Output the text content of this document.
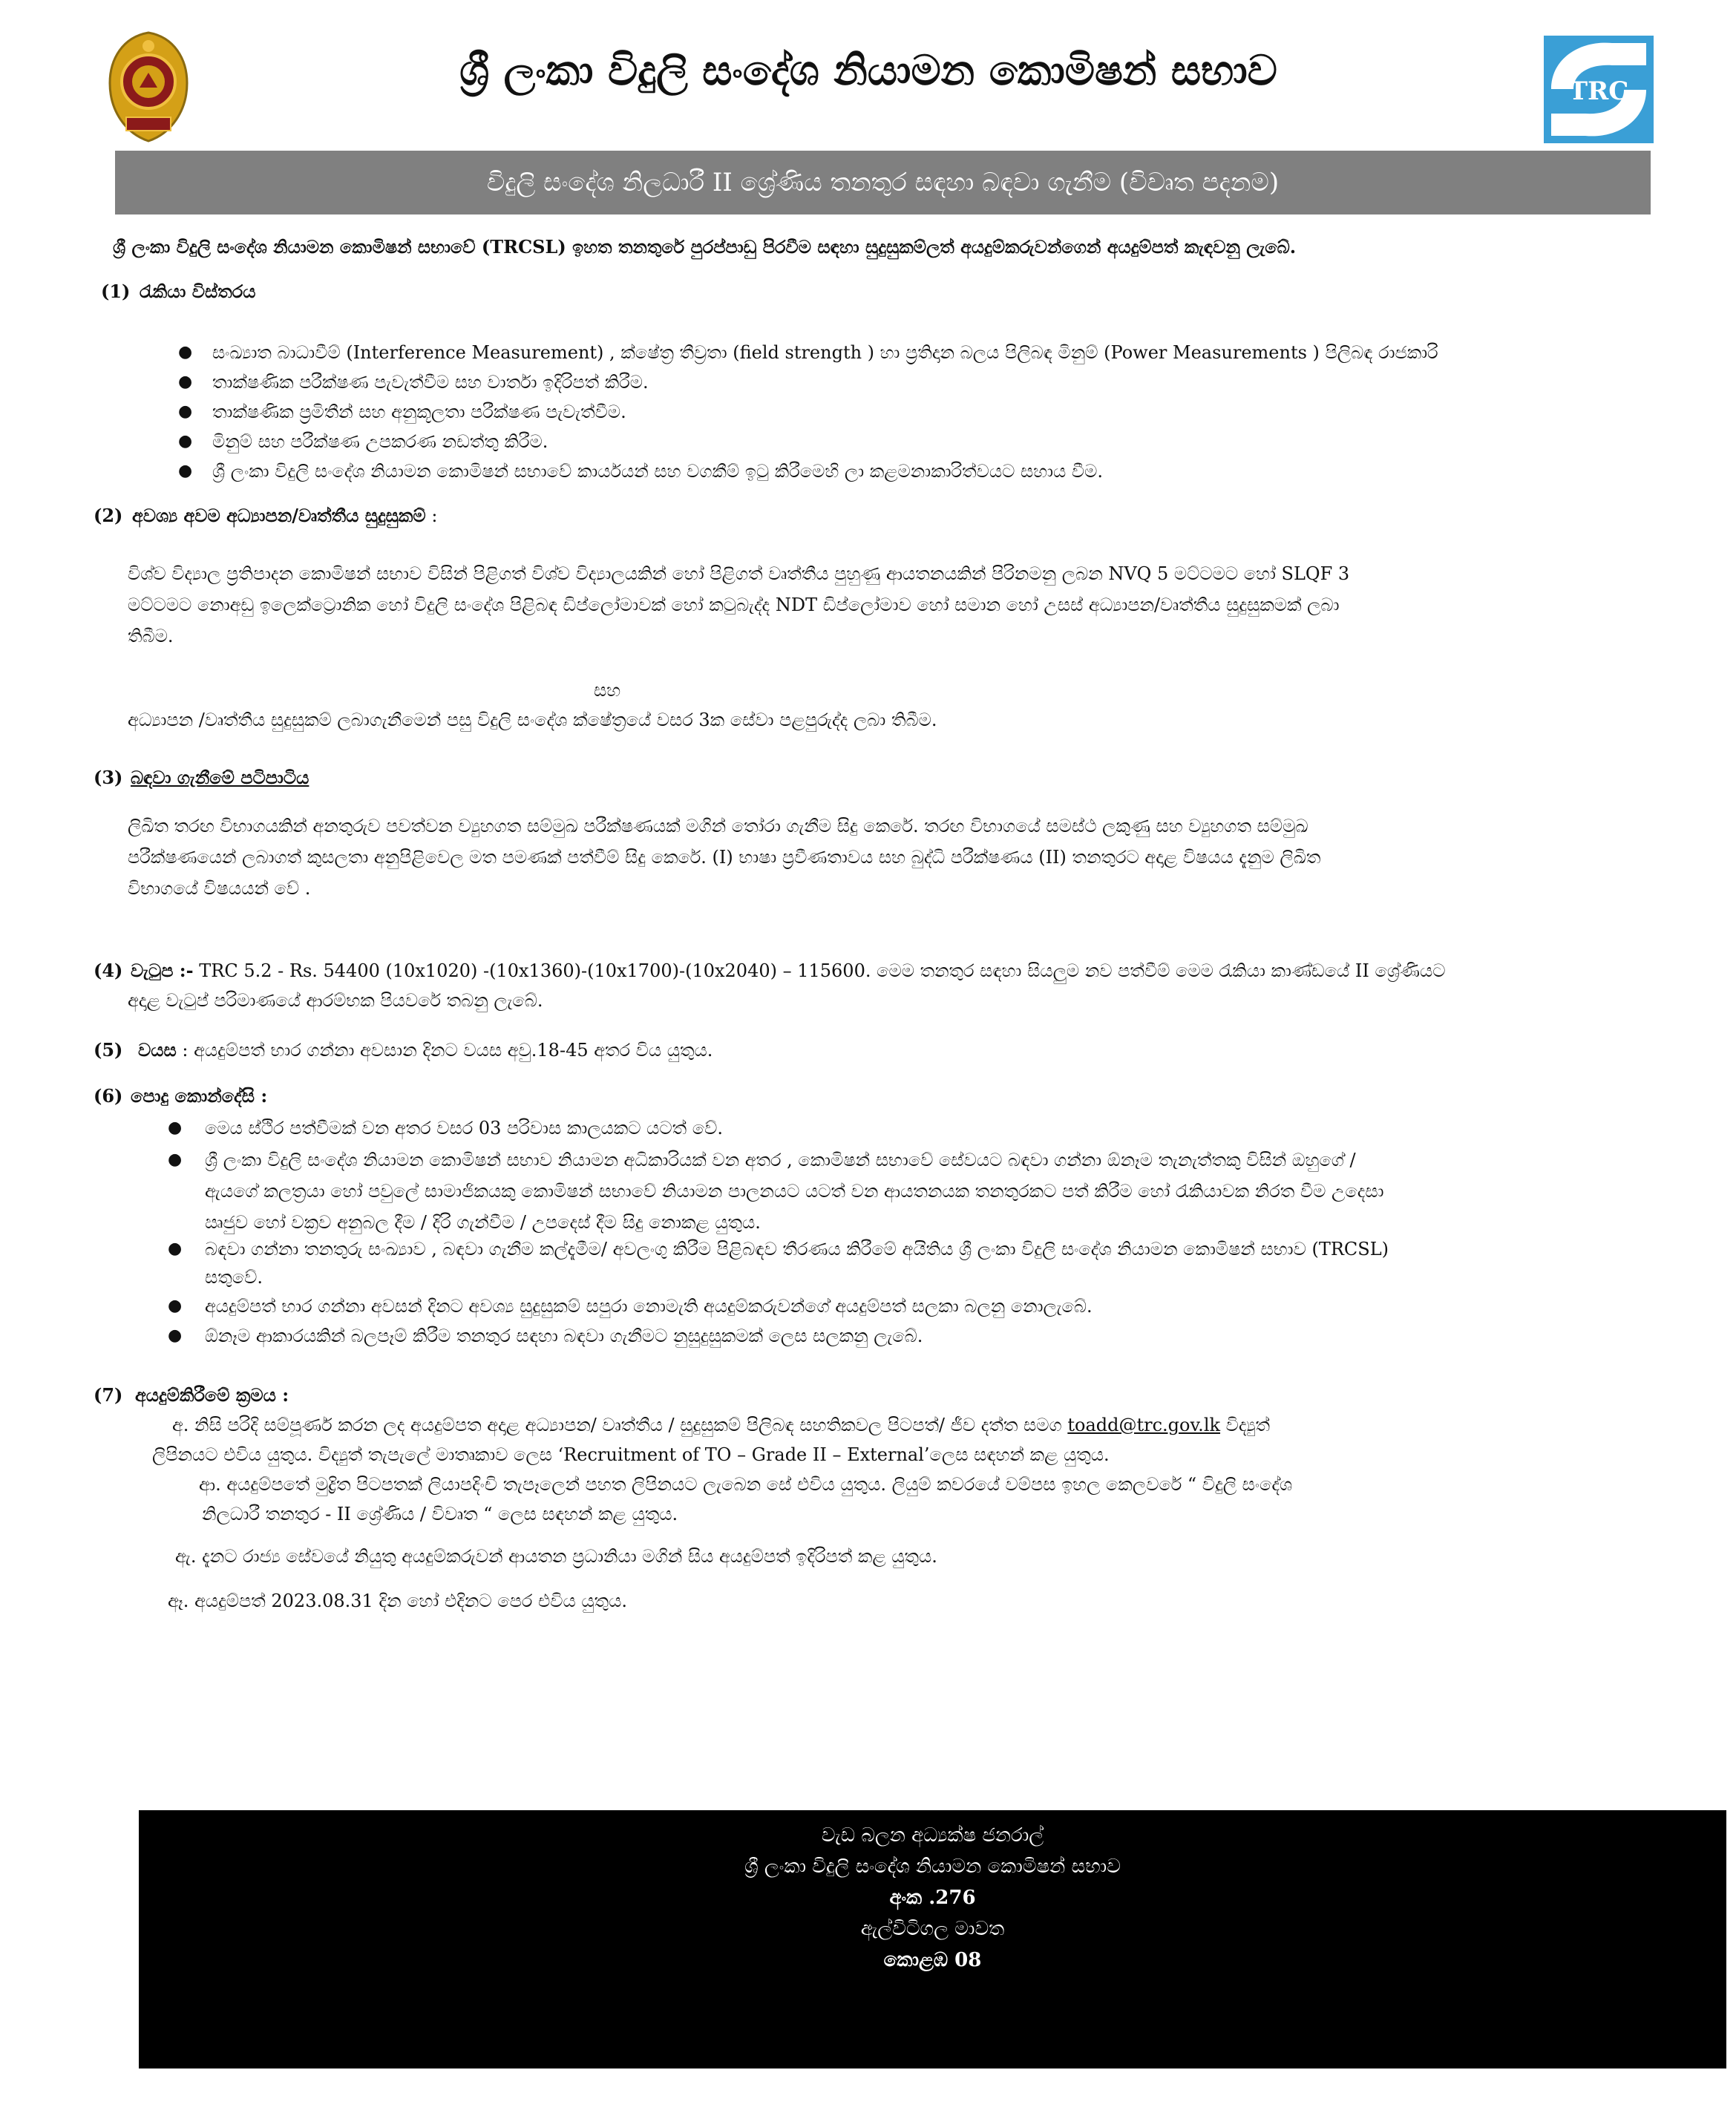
ශ්‍රී ලංකා විදුලි සංදේශ නියාමන කොමිෂන් සභාව	TRC
විදුලි සංදේශ නිලධාරී II ශ්‍රේණිය තනතුර සඳහා බඳවා ගැනීම (විවෘත පදනම)
ශ්‍රී ලංකා විදුලි සංදේශ නියාමන කොමිෂන් සභාවේ (TRCSL) ඉහත තනතුරේ පුරප්පාඩු පිරවීම සඳහා සුදුසුකම්ලත් අයදුම්කරුවන්ගෙන් අයදුම්පත් කැඳවනු ලැබේ.
(1) රැකියා විස්තරය
● සංඛ්‍යාත බාධාවීම් (Interference Measurement) , ක්ෂේත්‍ර තීව්‍රතා (field strength ) හා ප්‍රතිදාන බලය පිලිබඳ මිනුම් (Power Measurements ) පිලිබඳ රාජකාරි
● තාක්ෂණික පරීක්ෂණ පැවැත්වීම සහ වාර්තා ඉදිරිපත් කිරීම.
● තාක්ෂණික ප්‍රමිතීන් සහ අනුකූලතා පරීක්ෂණ පැවැත්වීම.
● මිනුම් සහ පරීක්ෂණ උපකරණ නඩත්තු කිරීම.
● ශ්‍රී ලංකා විදුලි සංදේශ නියාමන කොමිෂන් සභාවේ කාර්යයන් සහ වගකීම් ඉටු කිරීමෙහි ලා කළමනාකාරිත්වයට සහාය වීම.
(2) අවශ්‍ය අවම අධ්‍යාපන/වෘත්තීය සුදුසුකම් :
විශ්ව විද්‍යාල ප්‍රතිපාදන කොමිෂන් සභාව විසින් පිළිගත් විශ්ව විද්‍යාලයකින් හෝ පිළිගත් වෘත්තීය පුහුණු ආයතනයකින් පිරිනමනු ලබන NVQ 5 මට්ටමට හෝ SLQF 3
මට්ටමට නොඅඩු ඉලෙක්ට්‍රොනික හෝ විදුලි සංදේශ පිළිබඳ ඩිප්ලෝමාවක් හෝ කටුබැද්ද NDT ඩිප්ලෝමාව හෝ සමාන හෝ උසස් අධ්‍යාපන/වෘත්තීය සුදුසුකමක් ලබා
තිබීම.
සහ
අධ්‍යාපන /වෘත්තීය සුදුසුකම් ලබාගැනීමෙන් පසු විදුලි සංදේශ ක්ෂේත්‍රයේ වසර 3ක සේවා පළපුරුද්ද ලබා තිබීම.
(3) බඳවා ගැනීමේ පටිපාටිය
ලිඛිත තරඟ විභාගයකින් අනතුරුව පවත්වන ව්‍යුහගත සම්මුඛ පරීක්ෂණයක් මගින් තෝරා ගැනීම සිදු කෙරේ. තරඟ විභාගයේ සමස්ථ ලකුණු සහ ව්‍යුහගත සම්මුඛ
පරීක්ෂණයෙන් ලබාගත් කුසලතා අනුපිළිවෙල මත පමණක් පත්වීම් සිදු කෙරේ. (I) භාෂා ප්‍රවීණතාවය සහ බුද්ධි පරීක්ෂණය (II) තනතුරට අදාළ විෂයය දැනුම ලිඛිත
විභාගයේ විෂයයන් වේ .
(4) වැටුප :- TRC 5.2 - Rs. 54400 (10x1020) -(10x1360)-(10x1700)-(10x2040) – 115600. මෙම තනතුර සඳහා සියලුම නව පත්වීම් මෙම රැකියා කාණ්ඩයේ II ශ්‍රේණියට
අදාළ වැටුප් පරිමාණයේ ආරම්භක පියවරේ තබනු ලැබේ.
(5) වයස : අයදුම්පත් භාර ගන්නා අවසාන දිනට වයස අවු.18-45 අතර විය යුතුය.
(6) පොදු කොන්දේසි :
● මෙය ස්ථිර පත්වීමක් වන අතර වසර 03 පරිවාස කාලයකට යටත් වේ.
● ශ්‍රී ලංකා විදුලි සංදේශ නියාමන කොමිෂන් සභාව නියාමන අධිකාරියක් වන අතර , කොමිෂන් සභාවේ සේවයට බඳවා ගන්නා ඕනෑම තැනැත්තකු විසින් ඔහුගේ /
ඇයගේ කලත්‍රයා හෝ පවුලේ සාමාජිකයකු කොමිෂන් සභාවේ නියාමන පාලනයට යටත් වන ආයතනයක තනතුරකට පත් කිරීම හෝ රැකියාවක නිරත වීම උදෙසා
ඍජුව හෝ වක්‍රව අනුබල දීම / දිරි ගැන්වීම / උපදෙස් දීම සිදු නොකළ යුතුය.
● බඳවා ගන්නා තනතුරු සංඛ්‍යාව , බඳවා ගැනීම කල්දැමීම/ අවලංගු කිරීම පිළිබඳව තීරණය කිරීමේ අයිතිය ශ්‍රී ලංකා විදුලි සංදේශ නියාමන කොමිෂන් සභාව (TRCSL)
සතුවේ.
● අයදුම්පත් භාර ගන්නා අවසන් දිනට අවශ්‍ය සුදුසුකම් සපුරා නොමැති අයදුම්කරුවන්ගේ අයදුම්පත් සලකා බලනු නොලැබේ.
● ඕනෑම ආකාරයකින් බලපෑම් කිරීම තනතුර සඳහා බඳවා ගැනීමට නුසුදුසුකමක් ලෙස සලකනු ලැබේ.
(7) අයදුම්කිරීමේ ක්‍රමය :
අ. නිසි පරිදි සම්පූර්ණ කරන ලද අයදුම්පත අදාළ අධ්‍යාපන/ වෘත්තීය / සුදුසුකම් පිලිබඳ සහතිකවල පිටපත්/ ජීව දත්ත සමග toadd@trc.gov.lk විද්‍යුත්
ලිපිනයට එවිය යුතුය. විද්‍යුත් තැපැලේ මාතෘකාව ලෙස ‘Recruitment of TO – Grade II – External’ලෙස සඳහන් කළ යුතුය.
ආ. අයදුම්පතේ මුද්‍රිත පිටපතක් ලියාපදිංචි තැපෑලෙන් පහත ලිපිනයට ලැබෙන සේ එවිය යුතුය. ලියුම් කවරයේ වම්පස ඉහල කෙලවරේ “ විදුලි සංදේශ
නිලධාරී තනතුර - II ශ්‍රේණිය / විවෘත “ ලෙස සඳහන් කළ යුතුය.
ඇ. දැනට රාජ්‍ය සේවයේ නියුතු අයදුම්කරුවන් ආයතන ප්‍රධානියා මගින් සිය අයදුම්පත් ඉදිරිපත් කළ යුතුය.
ඈ. අයදුම්පත් 2023.08.31 දින හෝ එදිනට පෙර එවිය යුතුය.
වැඩ බලන අධ්‍යක්ෂ ජනරාල්
ශ්‍රී ලංකා විදුලි සංදේශ නියාමන කොමිෂන් සභාව
අංක .276
ඇල්විටිගල මාවත
කොළඹ 08
